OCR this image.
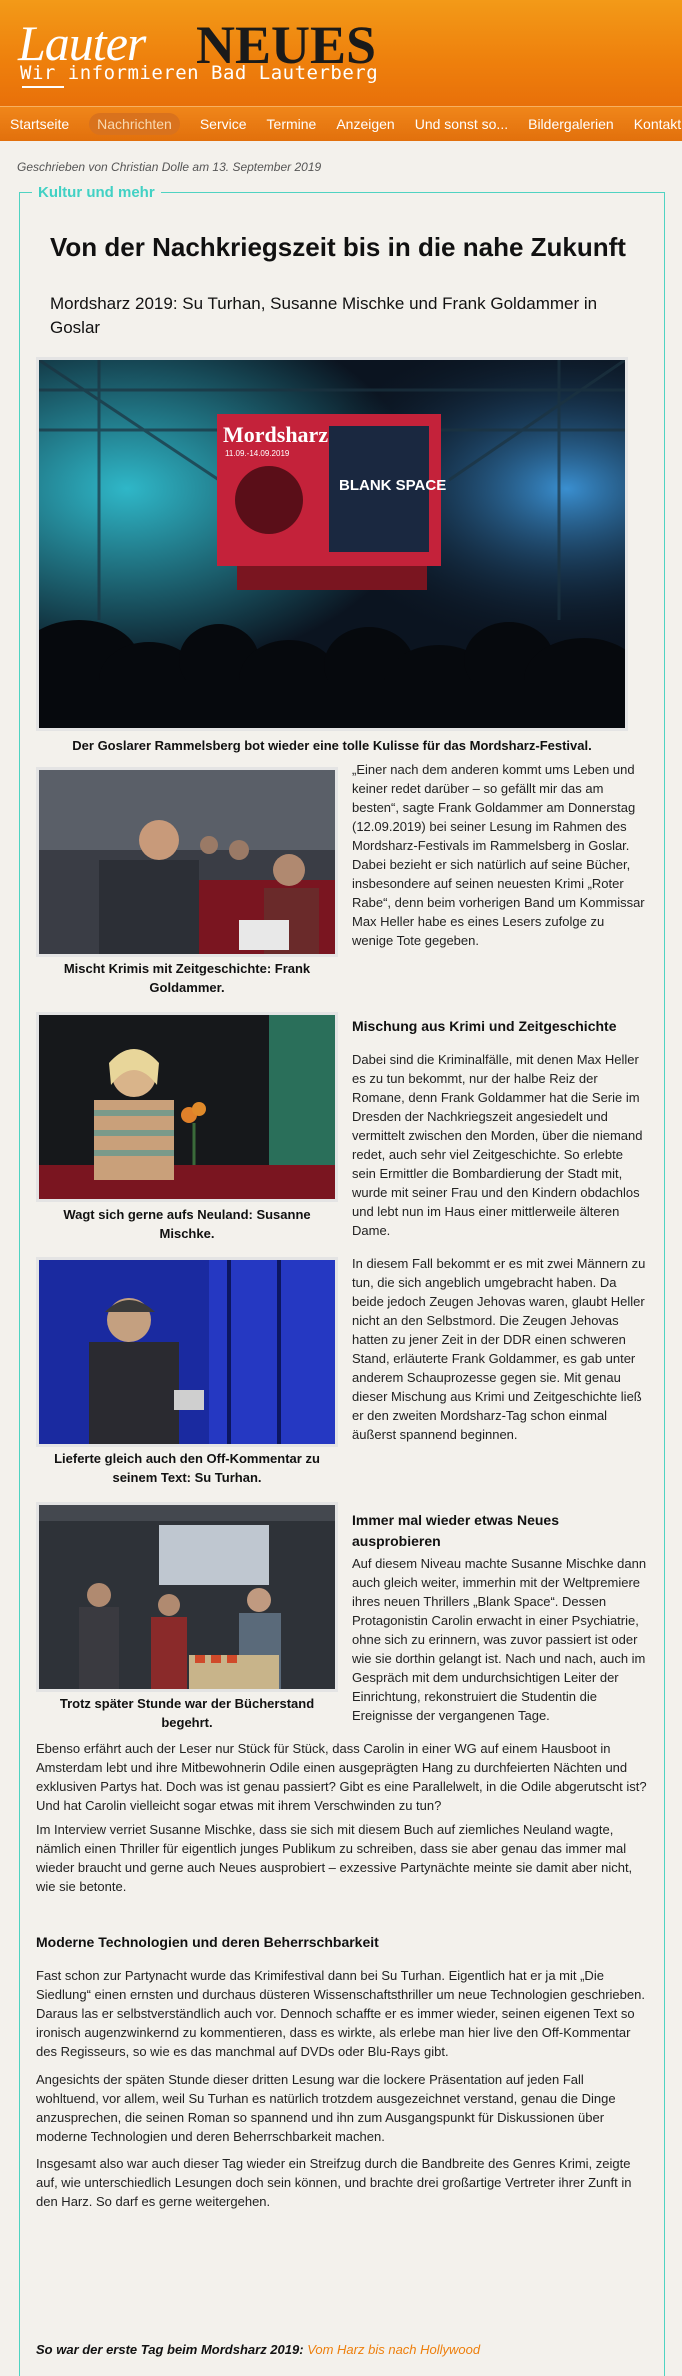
Lauter NEUES
Wir informieren Bad Lauterberg
Startseite Nachrichten Service Termine Anzeigen Und sonst so... Bildergalerien Kontakt
Geschrieben von Christian Dolle am 13. September 2019
Kultur und mehr
Von der Nachkriegszeit bis in die nahe Zukunft
Mordsharz 2019: Su Turhan, Susanne Mischke und Frank Goldammer in Goslar
Mordsharz
11.09.-14.09.2019
BLANK SPACE
Der Goslarer Rammelsberg bot wieder eine tolle Kulisse für das Mordsharz-Festival.
Mischt Krimis mit Zeitgeschichte: Frank Goldammer.
„Einer nach dem anderen kommt ums Leben und keiner redet darüber – so gefällt mir das am besten“, sagte Frank Goldammer am Donnerstag (12.09.2019) bei seiner Lesung im Rahmen des Mordsharz-Festivals im Rammelsberg in Goslar. Dabei bezieht er sich natürlich auf seine Bücher, insbesondere auf seinen neuesten Krimi „Roter Rabe“, denn beim vorherigen Band um Kommissar Max Heller habe es eines Lesers zufolge zu wenige Tote gegeben.
Wagt sich gerne aufs Neuland: Susanne Mischke.
Mischung aus Krimi und Zeitgeschichte
Dabei sind die Kriminalfälle, mit denen Max Heller es zu tun bekommt, nur der halbe Reiz der Romane, denn Frank Goldammer hat die Serie im Dresden der Nachkriegszeit angesiedelt und vermittelt zwischen den Morden, über die niemand redet, auch sehr viel Zeitgeschichte. So erlebte sein Ermittler die Bombardierung der Stadt mit, wurde mit seiner Frau und den Kindern obdachlos und lebt nun im Haus einer mittlerweile älteren Dame.
Lieferte gleich auch den Off-Kommentar zu seinem Text: Su Turhan.
In diesem Fall bekommt er es mit zwei Männern zu tun, die sich angeblich umgebracht haben. Da beide jedoch Zeugen Jehovas waren, glaubt Heller nicht an den Selbstmord. Die Zeugen Jehovas hatten zu jener Zeit in der DDR einen schweren Stand, erläuterte Frank Goldammer, es gab unter anderem Schauprozesse gegen sie. Mit genau dieser Mischung aus Krimi und Zeitgeschichte ließ er den zweiten Mordsharz-Tag schon einmal äußerst spannend beginnen.
Trotz später Stunde war der Bücherstand begehrt.
Immer mal wieder etwas Neues ausprobieren
Auf diesem Niveau machte Susanne Mischke dann auch gleich weiter, immerhin mit der Weltpremiere ihres neuen Thrillers „Blank Space“. Dessen Protagonistin Carolin erwacht in einer Psychiatrie, ohne sich zu erinnern, was zuvor passiert ist oder wie sie dorthin gelangt ist. Nach und nach, auch im Gespräch mit dem undurchsichtigen Leiter der Einrichtung, rekonstruiert die Studentin die Ereignisse der vergangenen Tage.
Ebenso erfährt auch der Leser nur Stück für Stück, dass Carolin in einer WG auf einem Hausboot in Amsterdam lebt und ihre Mitbewohnerin Odile einen ausgeprägten Hang zu durchfeierten Nächten und exklusiven Partys hat. Doch was ist genau passiert? Gibt es eine Parallelwelt, in die Odile abgerutscht ist? Und hat Carolin vielleicht sogar etwas mit ihrem Verschwinden zu tun?
Im Interview verriet Susanne Mischke, dass sie sich mit diesem Buch auf ziemliches Neuland wagte, nämlich einen Thriller für eigentlich junges Publikum zu schreiben, dass sie aber genau das immer mal wieder braucht und gerne auch Neues ausprobiert – exzessive Partynächte meinte sie damit aber nicht, wie sie betonte.
Moderne Technologien und deren Beherrschbarkeit
Fast schon zur Partynacht wurde das Krimifestival dann bei Su Turhan. Eigentlich hat er ja mit „Die Siedlung“ einen ernsten und durchaus düsteren Wissenschaftsthriller um neue Technologien geschrieben. Daraus las er selbstverständlich auch vor. Dennoch schaffte er es immer wieder, seinen eigenen Text so ironisch augenzwinkernd zu kommentieren, dass es wirkte, als erlebe man hier live den Off-Kommentar des Regisseurs, so wie es das manchmal auf DVDs oder Blu-Rays gibt.
Angesichts der späten Stunde dieser dritten Lesung war die lockere Präsentation auf jeden Fall wohltuend, vor allem, weil Su Turhan es natürlich trotzdem ausgezeichnet verstand, genau die Dinge anzusprechen, die seinen Roman so spannend und ihn zum Ausgangspunkt für Diskussionen über moderne Technologien und deren Beherrschbarkeit machen.
Insgesamt also war auch dieser Tag wieder ein Streifzug durch die Bandbreite des Genres Krimi, zeigte auf, wie unterschiedlich Lesungen doch sein können, und brachte drei großartige Vertreter ihrer Zunft in den Harz. So darf es gerne weitergehen.
So war der erste Tag beim Mordsharz 2019: Vom Harz bis nach Hollywood
